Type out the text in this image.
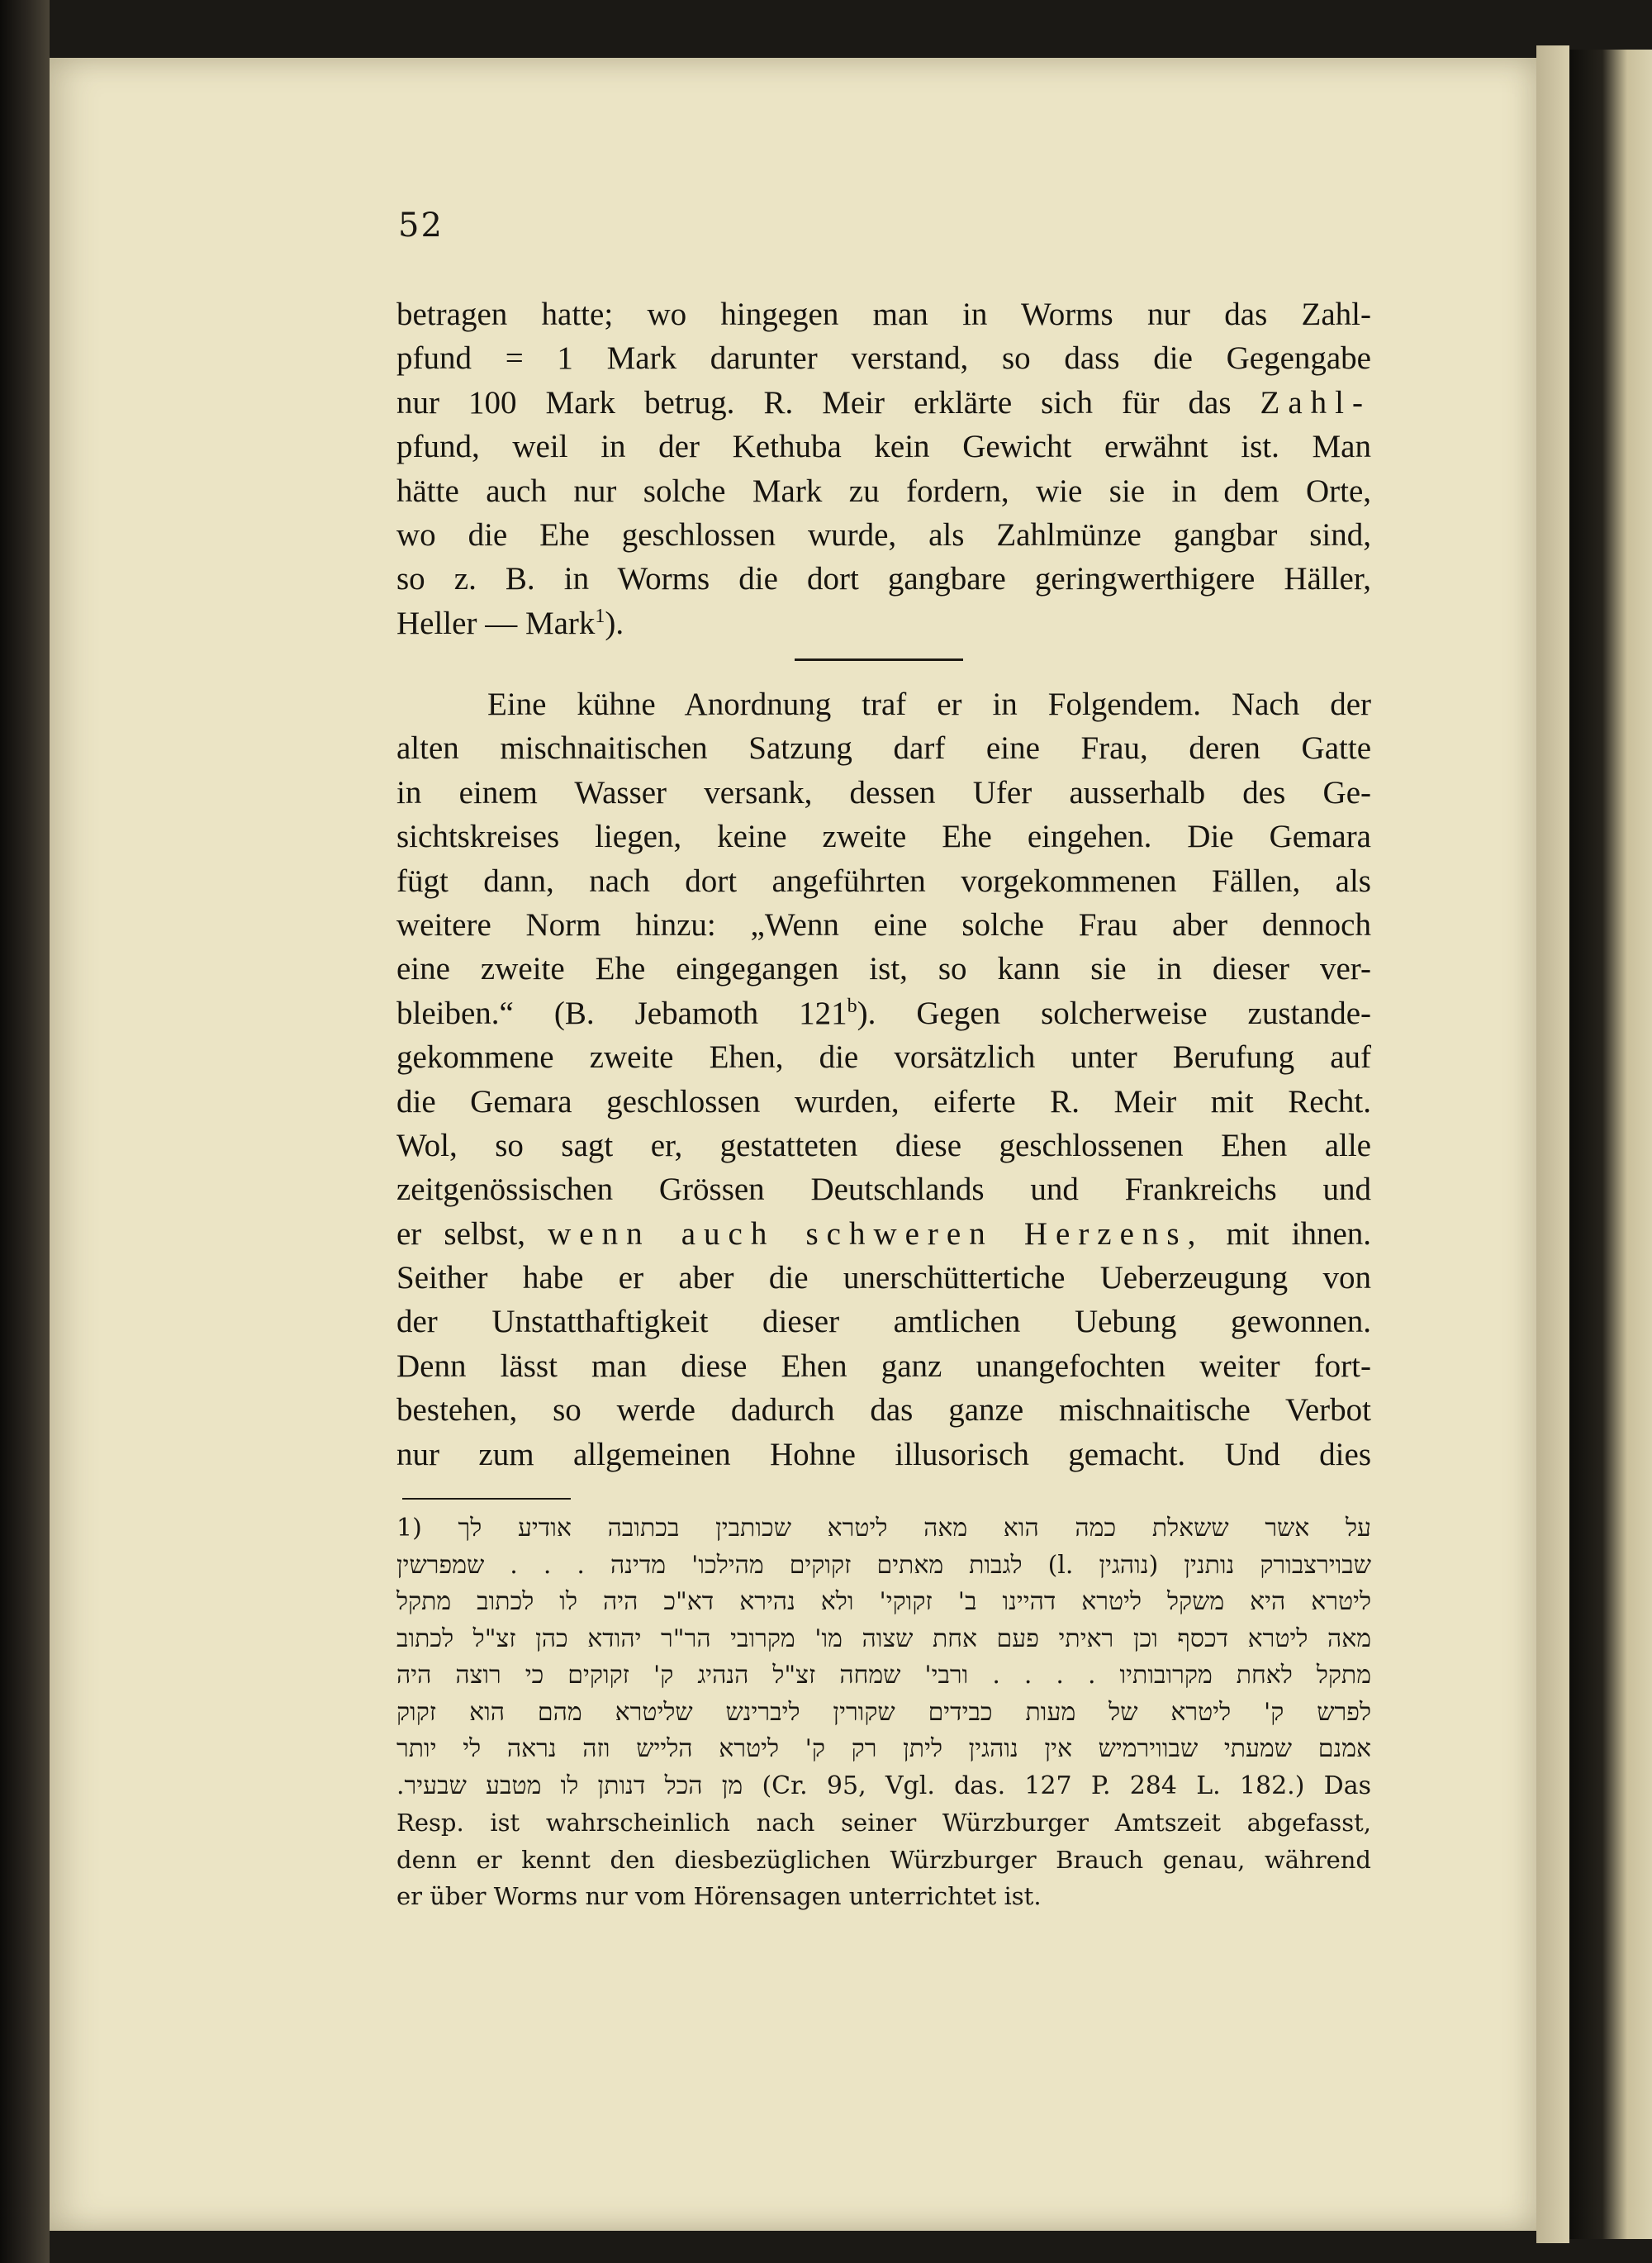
52
betragen hatte; wo hingegen man in Worms nur das Zahl-
pfund = 1 Mark darunter verstand, so dass die Gegengabe
nur 100 Mark betrug. R. Meir erklärte sich für das Zahl-
pfund, weil in der Kethuba kein Gewicht erwähnt ist. Man
hätte auch nur solche Mark zu fordern, wie sie in dem Orte,
wo die Ehe geschlossen wurde, als Zahlmünze gangbar sind,
so z. B. in Worms die dort gangbare geringwerthigere Häller,
Heller — Mark$^1$).
Eine kühne Anordnung traf er in Folgendem. Nach der
alten mischnaitischen Satzung darf eine Frau, deren Gatte
in einem Wasser versank, dessen Ufer ausserhalb des Ge-
sichtskreises liegen, keine zweite Ehe eingehen. Die Gemara
fügt dann, nach dort angeführten vorgekommenen Fällen, als
weitere Norm hinzu: „Wenn eine solche Frau aber dennoch
eine zweite Ehe eingegangen ist, so kann sie in dieser ver-
bleiben.“ (B. Jebamoth 121$^b$). Gegen solcherweise zustande-
gekommene zweite Ehen, die vorsätzlich unter Berufung auf
die Gemara geschlossen wurden, eiferte R. Meir mit Recht.
Wol, so sagt er, gestatteten diese geschlossenen Ehen alle
zeitgenössischen Grössen Deutschlands und Frankreichs und
er selbst, wenn auch schweren Herzens, mit ihnen.
Seither habe er aber die unerschüttertiche Ueberzeugung von
der Unstatthaftigkeit dieser amtlichen Uebung gewonnen.
Denn lässt man diese Ehen ganz unangefochten weiter fort-
bestehen, so werde dadurch das ganze mischnaitische Verbot
nur zum allgemeinen Hohne illusorisch gemacht. Und dies
על אשר ששאלת כמה הוא מאה ליטרא שכותבין בכתובה אודיע לך 1)
שבוירצבורק נותנין (נוהגין (l. לגבות מאתים זקוקים מהילכו' מדינה . . . שמפרשין
ליטרא היא משקל ליטרא דהיינו ב' זקוקי' ולא נהירא דא"כ היה לו לכתוב מתקל
מאה ליטרא דכסף וכן ראיתי פעם אחת שצוה מו' מקרובי הר"ר יהודא כהן זצ"ל לכתוב
מתקל לאחת מקרובותיו . . . . ורבי' שמחה זצ"ל הנהיג ק' זקוקים כי רוצה היה
לפרש ק' ליטרא של מעות כבידים שקורין ליברינש שליטרא מהם הוא זקוק
אמנם שמעתי שבווירמיש אין נוהגין ליתן רק ק' ליטרא הלייש וזה נראה לי יותר
מן הכל דנותן לו מטבע שבעיר. (Cr. 95, Vgl. das. 127 P. 284 L. 182.) Das
Resp. ist wahrscheinlich nach seiner Würzburger Amtszeit abgefasst,
denn er kennt den diesbezüglichen Würzburger Brauch genau, während
er über Worms nur vom Hörensagen unterrichtet ist.
